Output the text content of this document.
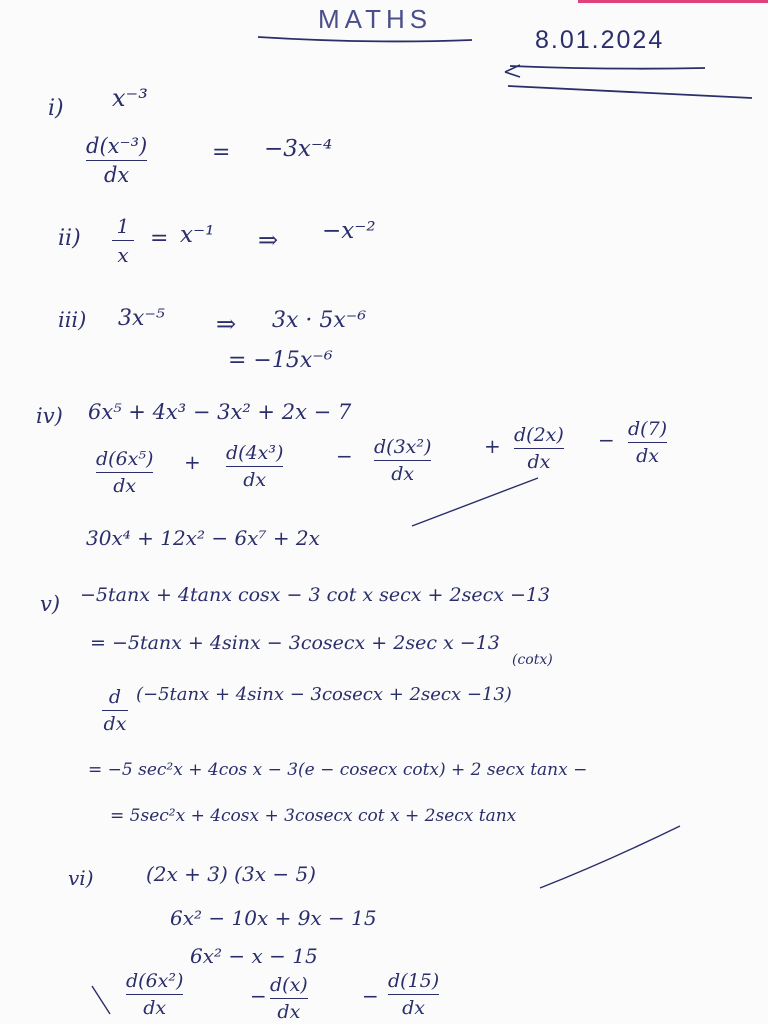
MATHS
8.01.2024
i) x⁻³
d(x⁻³)
dx
= −3x⁻⁴
ii) 1
x
= x⁻¹ ⇒ −x⁻²
iii) 3x⁻⁵ ⇒ 3x · 5x⁻⁶
= −15x⁻⁶
iv) 6x⁵ + 4x³ − 3x² + 2x − 7
d(6x⁵)
dx
+ d(4x³)
dx
− d(3x²)
dx
+ d(2x)
dx
− d(7)
dx
30x⁴ + 12x² − 6x⁷ + 2x
v) −5tanx + 4tanx cosx − 3 cot x secx + 2secx −13
= −5tanx + 4sinx − 3cosecx + 2sec x −13
d
dx
(−5tanx + 4sinx − 3cosecx + 2secx −13)
(cotx)
= −5 sec²x + 4cos x − 3(e − cosecx cotx) + 2 secx tanx −
= 5sec²x + 4cosx + 3cosecx cot x + 2secx tanx
vi)	(2x + 3) (3x − 5)
6x² − 10x + 9x − 15
6x² − x − 15
d(6x²)
dx	− d(x)
dx
−
d(15)
dx
